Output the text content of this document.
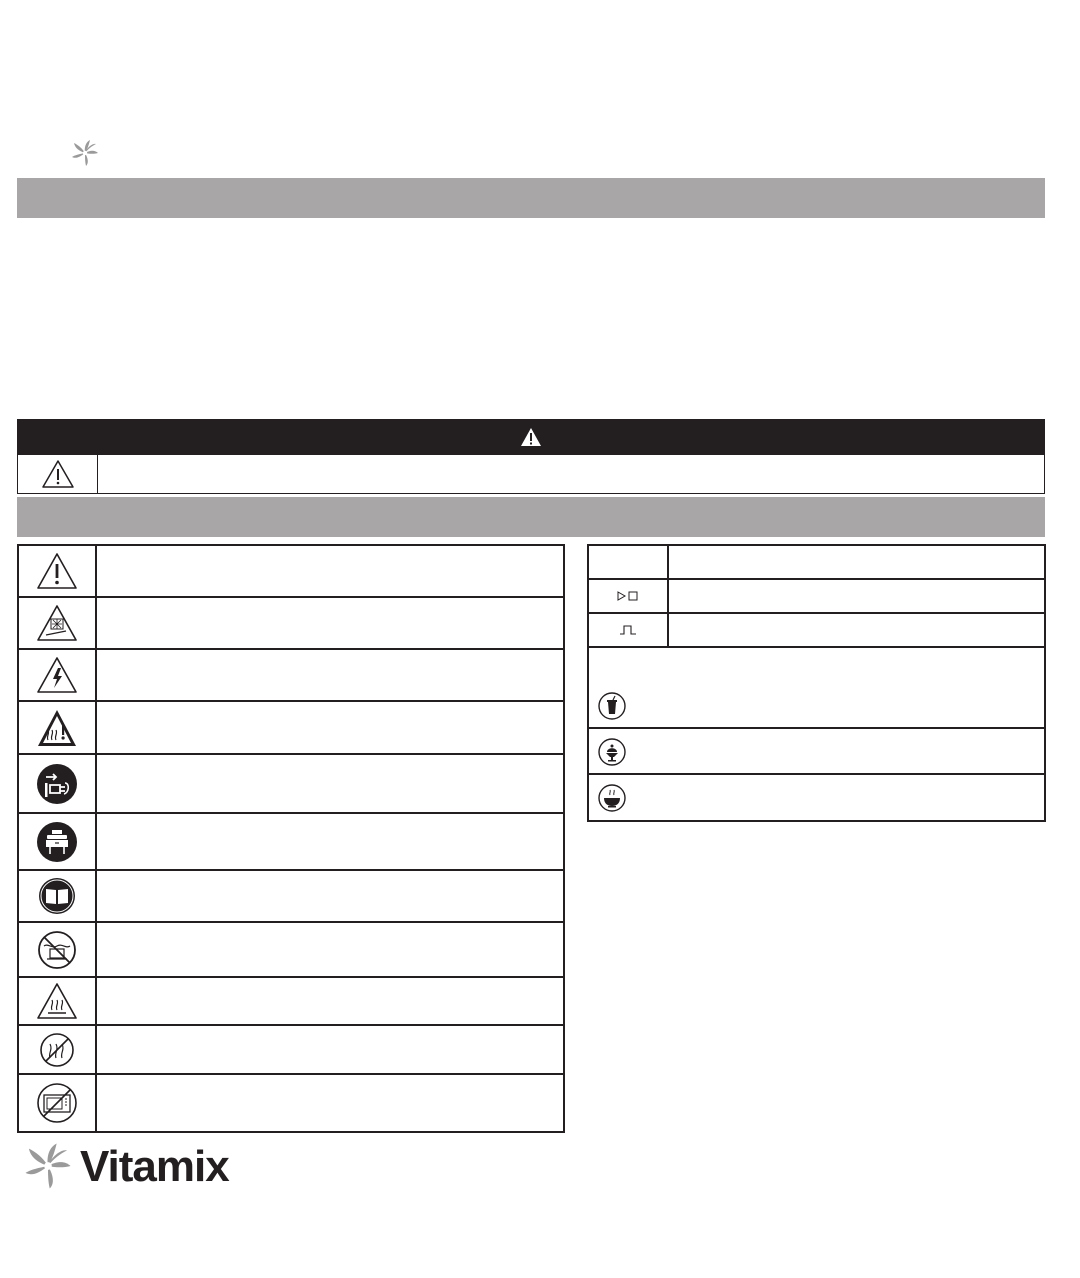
Vitamix
